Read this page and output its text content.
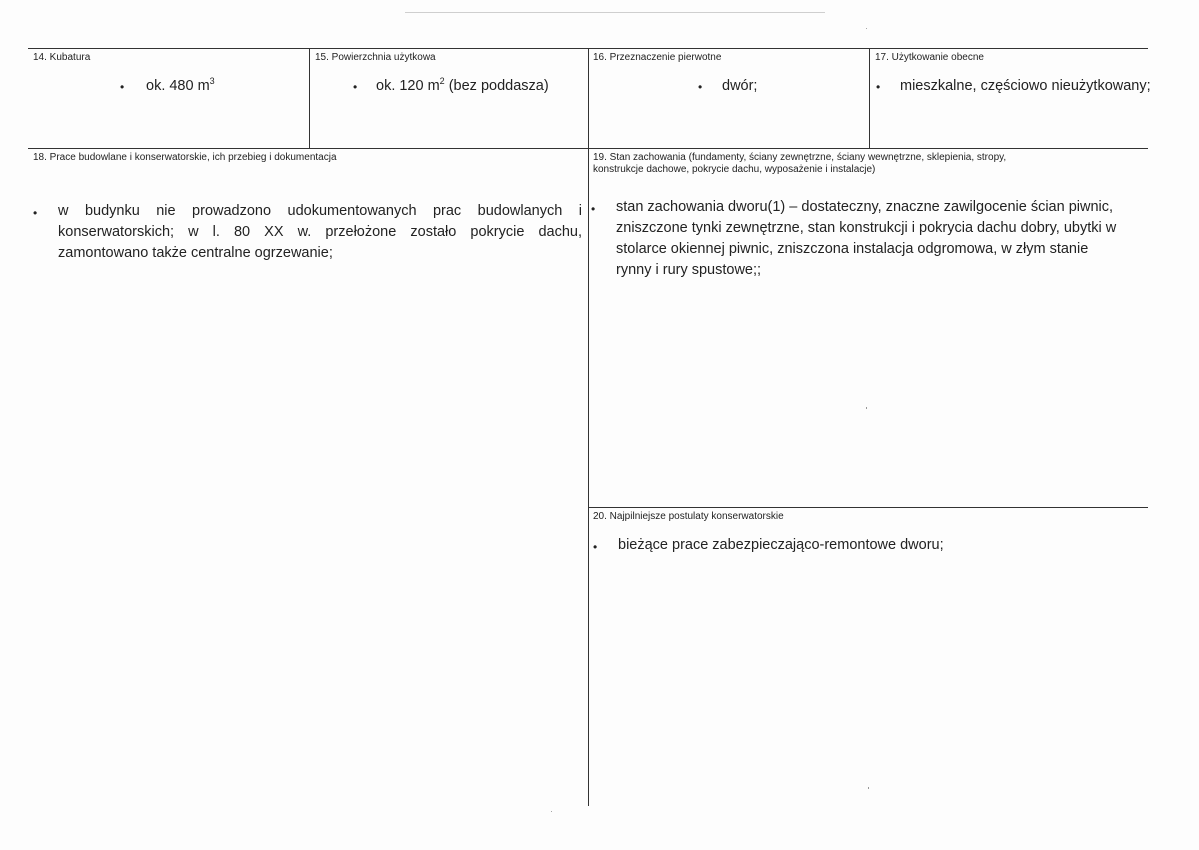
14. Kubatura
• ok. 480 $m^3$
15. Powierzchnia użytkowa
• ok. 120 $m^2$ (bez poddasza)
16. Przeznaczenie pierwotne
• dwór;
17. Użytkowanie obecne
• mieszkalne, częściowo nieużytkowany;
18. Prace budowlane i konserwatorskie, ich przebieg i dokumentacja
• w budynku nie prowadzono udokumentowanych prac budowlanych i konserwatorskich; w l. 80 XX w. przełożone zostało pokrycie dachu, zamontowano także centralne ogrzewanie;
19. Stan zachowania (fundamenty, ściany zewnętrzne, ściany wewnętrzne, sklepienia, stropy,
konstrukcje dachowe, pokrycie dachu, wyposażenie i instalacje)
• stan zachowania dworu(1) – dostateczny, znaczne zawilgocenie ścian piwnic, zniszczone tynki zewnętrzne, stan konstrukcji i pokrycia dachu dobry, ubytki w stolarce okiennej piwnic, zniszczona instalacja odgromowa, w złym stanie rynny i rury spustowe;;
20. Najpilniejsze postulaty konserwatorskie
• bieżące prace zabezpieczająco-remontowe dworu;
